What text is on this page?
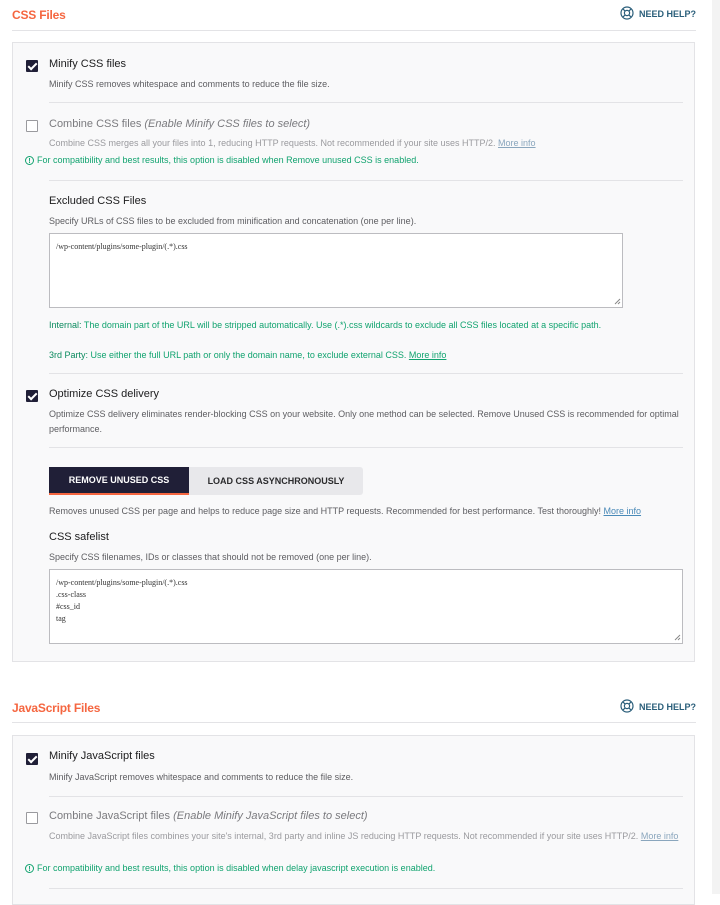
CSS Files	NEED HELP?
Minify CSS files
Minify CSS removes whitespace and comments to reduce the file size.
Combine CSS files (Enable Minify CSS files to select)
Combine CSS merges all your files into 1, reducing HTTP requests. Not recommended if your site uses HTTP/2. More info
! For compatibility and best results, this option is disabled when Remove unused CSS is enabled.
Excluded CSS Files
Specify URLs of CSS files to be excluded from minification and concatenation (one per line).
/wp-content/plugins/some-plugin/(.*).css
Internal: The domain part of the URL will be stripped automatically. Use (.*).css wildcards to exclude all CSS files located at a specific path.
3rd Party: Use either the full URL path or only the domain name, to exclude external CSS. More info
Optimize CSS delivery
Optimize CSS delivery eliminates render-blocking CSS on your website. Only one method can be selected. Remove Unused CSS is recommended for optimal performance.
REMOVE UNUSED CSS	LOAD CSS ASYNCHRONOUSLY
Removes unused CSS per page and helps to reduce page size and HTTP requests. Recommended for best performance. Test thoroughly! More info
CSS safelist
Specify CSS filenames, IDs or classes that should not be removed (one per line).
/wp-content/plugins/some-plugin/(.*).css
.css-class
#css_id
tag
JavaScript Files	NEED HELP?
Minify JavaScript files
Minify JavaScript removes whitespace and comments to reduce the file size.
Combine JavaScript files (Enable Minify JavaScript files to select)
Combine JavaScript files combines your site's internal, 3rd party and inline JS reducing HTTP requests. Not recommended if your site uses HTTP/2. More info
! For compatibility and best results, this option is disabled when delay javascript execution is enabled.
